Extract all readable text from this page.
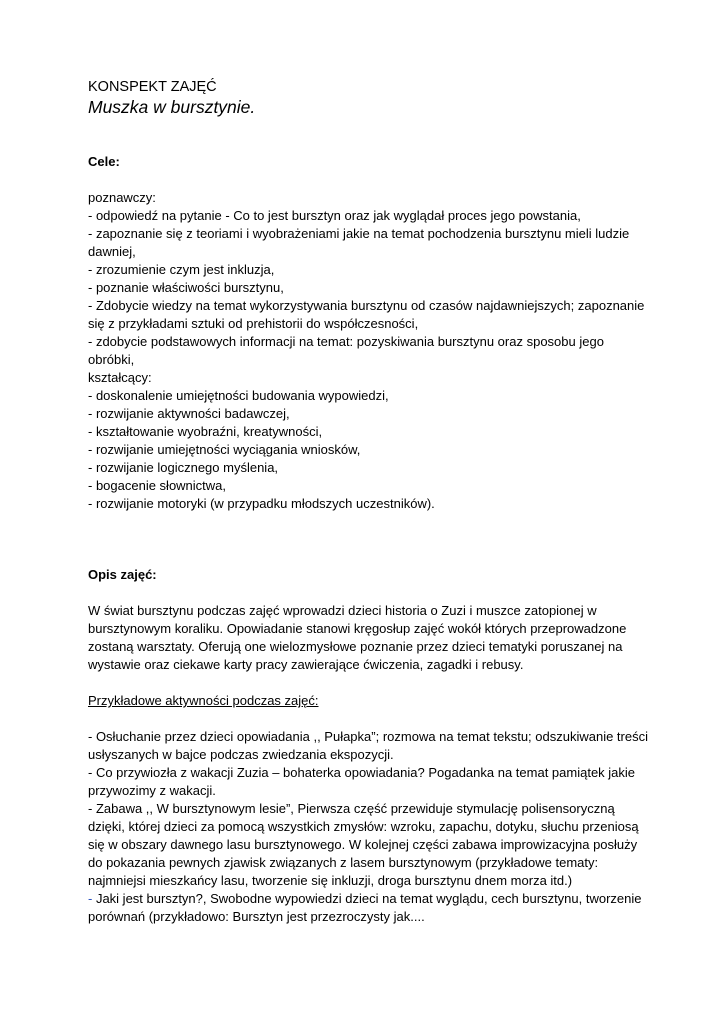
KONSPEKT ZAJĘĆ

Muszka w bursztynie.

Cele:

poznawczy:

- odpowiedź na pytanie - Co to jest bursztyn oraz jak wyglądał proces jego powstania,

- zapoznanie się z teoriami i wyobrażeniami jakie na temat pochodzenia bursztynu mieli ludzie dawniej,

- zrozumienie czym jest inkluzja,

- poznanie właściwości bursztynu,

- Zdobycie wiedzy na temat wykorzystywania bursztynu od czasów najdawniejszych; zapoznanie się z przykładami sztuki od prehistorii do współczesności,

- zdobycie podstawowych informacji na temat: pozyskiwania bursztynu oraz sposobu jego obróbki,

kształcący:

- doskonalenie umiejętności budowania wypowiedzi,

- rozwijanie aktywności badawczej,

- kształtowanie wyobraźni, kreatywności,

- rozwijanie umiejętności wyciągania wniosków,

- rozwijanie logicznego myślenia,

- bogacenie słownictwa,

- rozwijanie motoryki (w przypadku młodszych uczestników).

Opis zajęć:

W świat bursztynu podczas zajęć wprowadzi dzieci historia o Zuzi i muszce zatopionej w bursztynowym koraliku. Opowiadanie stanowi kręgosłup zajęć wokół których przeprowadzone zostaną warsztaty. Oferują one wielozmysłowe poznanie przez dzieci tematyki poruszanej na wystawie oraz ciekawe karty pracy zawierające ćwiczenia, zagadki i rebusy.

Przykładowe aktywności podczas zajęć:

- Osłuchanie przez dzieci opowiadania ,, Pułapka”; rozmowa na temat tekstu; odszukiwanie treści usłyszanych w bajce podczas zwiedzania ekspozycji.

- Co przywiozła z wakacji Zuzia – bohaterka opowiadania? Pogadanka na temat pamiątek jakie przywozimy z wakacji.

- Zabawa ,, W bursztynowym lesie”, Pierwsza część przewiduje stymulację polisensoryczną dzięki, której dzieci za pomocą wszystkich zmysłów: wzroku, zapachu, dotyku, słuchu przeniosą się w obszary dawnego lasu bursztynowego. W kolejnej części zabawa improwizacyjna posłuży do pokazania pewnych zjawisk związanych z lasem bursztynowym (przykładowe tematy: najmniejsi mieszkańcy lasu, tworzenie się inkluzji, droga bursztynu dnem morza itd.)

- Jaki jest bursztyn?, Swobodne wypowiedzi dzieci na temat wyglądu, cech bursztynu, tworzenie porównań (przykładowo: Bursztyn jest przezroczysty jak....
